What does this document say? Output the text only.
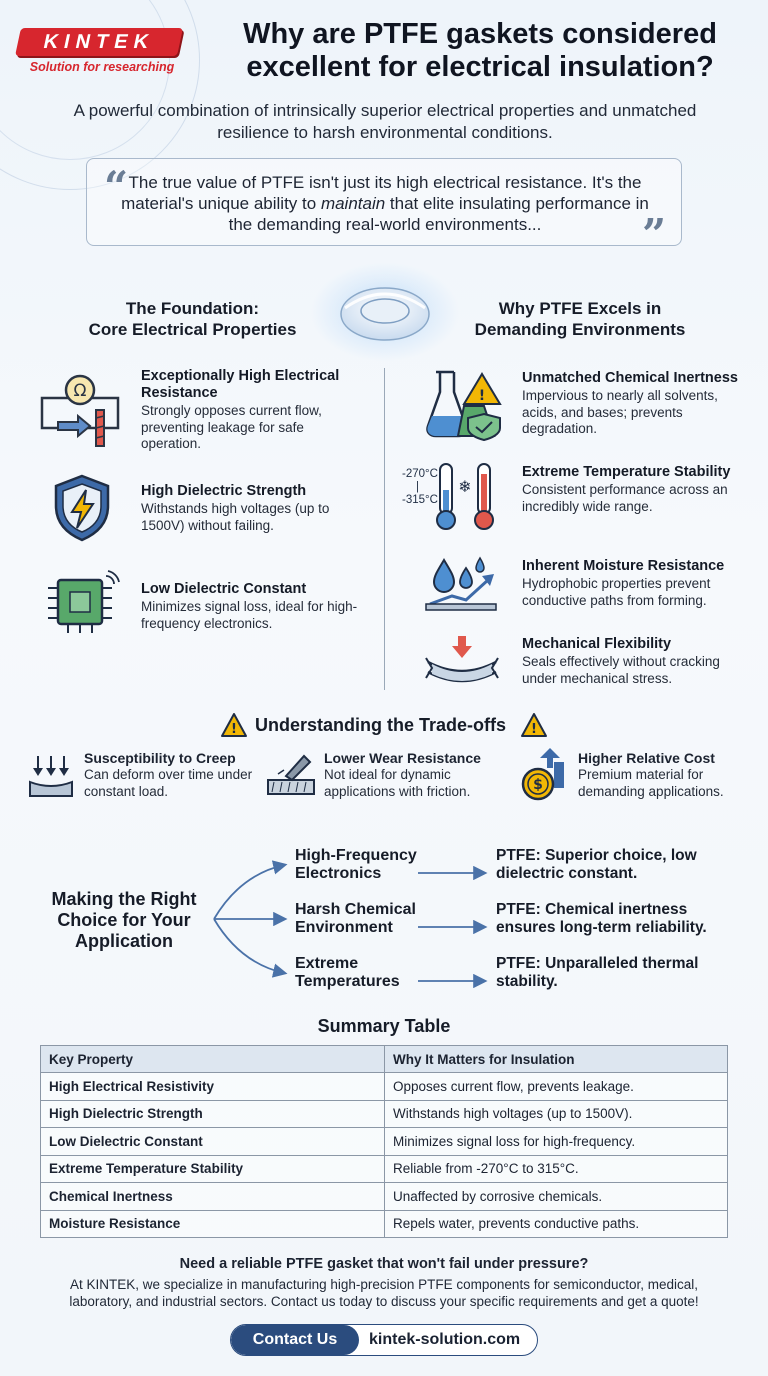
KINTEK
Solution for researching
Why are PTFE gaskets considered excellent for electrical insulation?
A powerful combination of intrinsically superior electrical properties and unmatched resilience to harsh environmental conditions.
“
”
The true value of PTFE isn't just its high electrical resistance. It's the material's unique ability to maintain that elite insulating performance in the demanding real-world environments...
The Foundation:
Core Electrical Properties
Why PTFE Excels in
Demanding Environments
Ω
Exceptionally High Electrical Resistance
Strongly opposes current flow, preventing leakage for safe operation.
High Dielectric Strength
Withstands high voltages (up to 1500V) without failing.
Low Dielectric Constant
Minimizes signal loss, ideal for high-frequency electronics.
!
Unmatched Chemical Inertness
Impervious to nearly all solvents, acids, and bases; prevents degradation.
-270°C
|
-315°C
❄
Extreme Temperature Stability
Consistent performance across an incredibly wide range.
Inherent Moisture Resistance
Hydrophobic properties prevent conductive paths from forming.
Mechanical Flexibility
Seals effectively without cracking under mechanical stress.
! Understanding the Trade-offs !
Susceptibility to Creep
Can deform over time under constant load.
Lower Wear Resistance
Not ideal for dynamic applications with friction.	$
Higher Relative Cost
Premium material for demanding applications.
Making the Right Choice for Your Application
High-Frequency Electronics
Harsh Chemical Environment
Extreme Temperatures
PTFE: Superior choice, low dielectric constant.
PTFE: Chemical inertness ensures long-term reliability.
PTFE: Unparalleled thermal stability.
Summary Table
Key Property	Why It Matters for Insulation
High Electrical Resistivity	Opposes current flow, prevents leakage.
High Dielectric Strength	Withstands high voltages (up to 1500V).
Low Dielectric Constant	Minimizes signal loss for high-frequency.
Extreme Temperature Stability	Reliable from -270°C to 315°C.
Chemical Inertness	Unaffected by corrosive chemicals.
Moisture Resistance	Repels water, prevents conductive paths.
Need a reliable PTFE gasket that won't fail under pressure?
At KINTEK, we specialize in manufacturing high-precision PTFE components for semiconductor, medical, laboratory, and industrial sectors. Contact us today to discuss your specific requirements and get a quote!
Contact Us	kintek-solution.com
